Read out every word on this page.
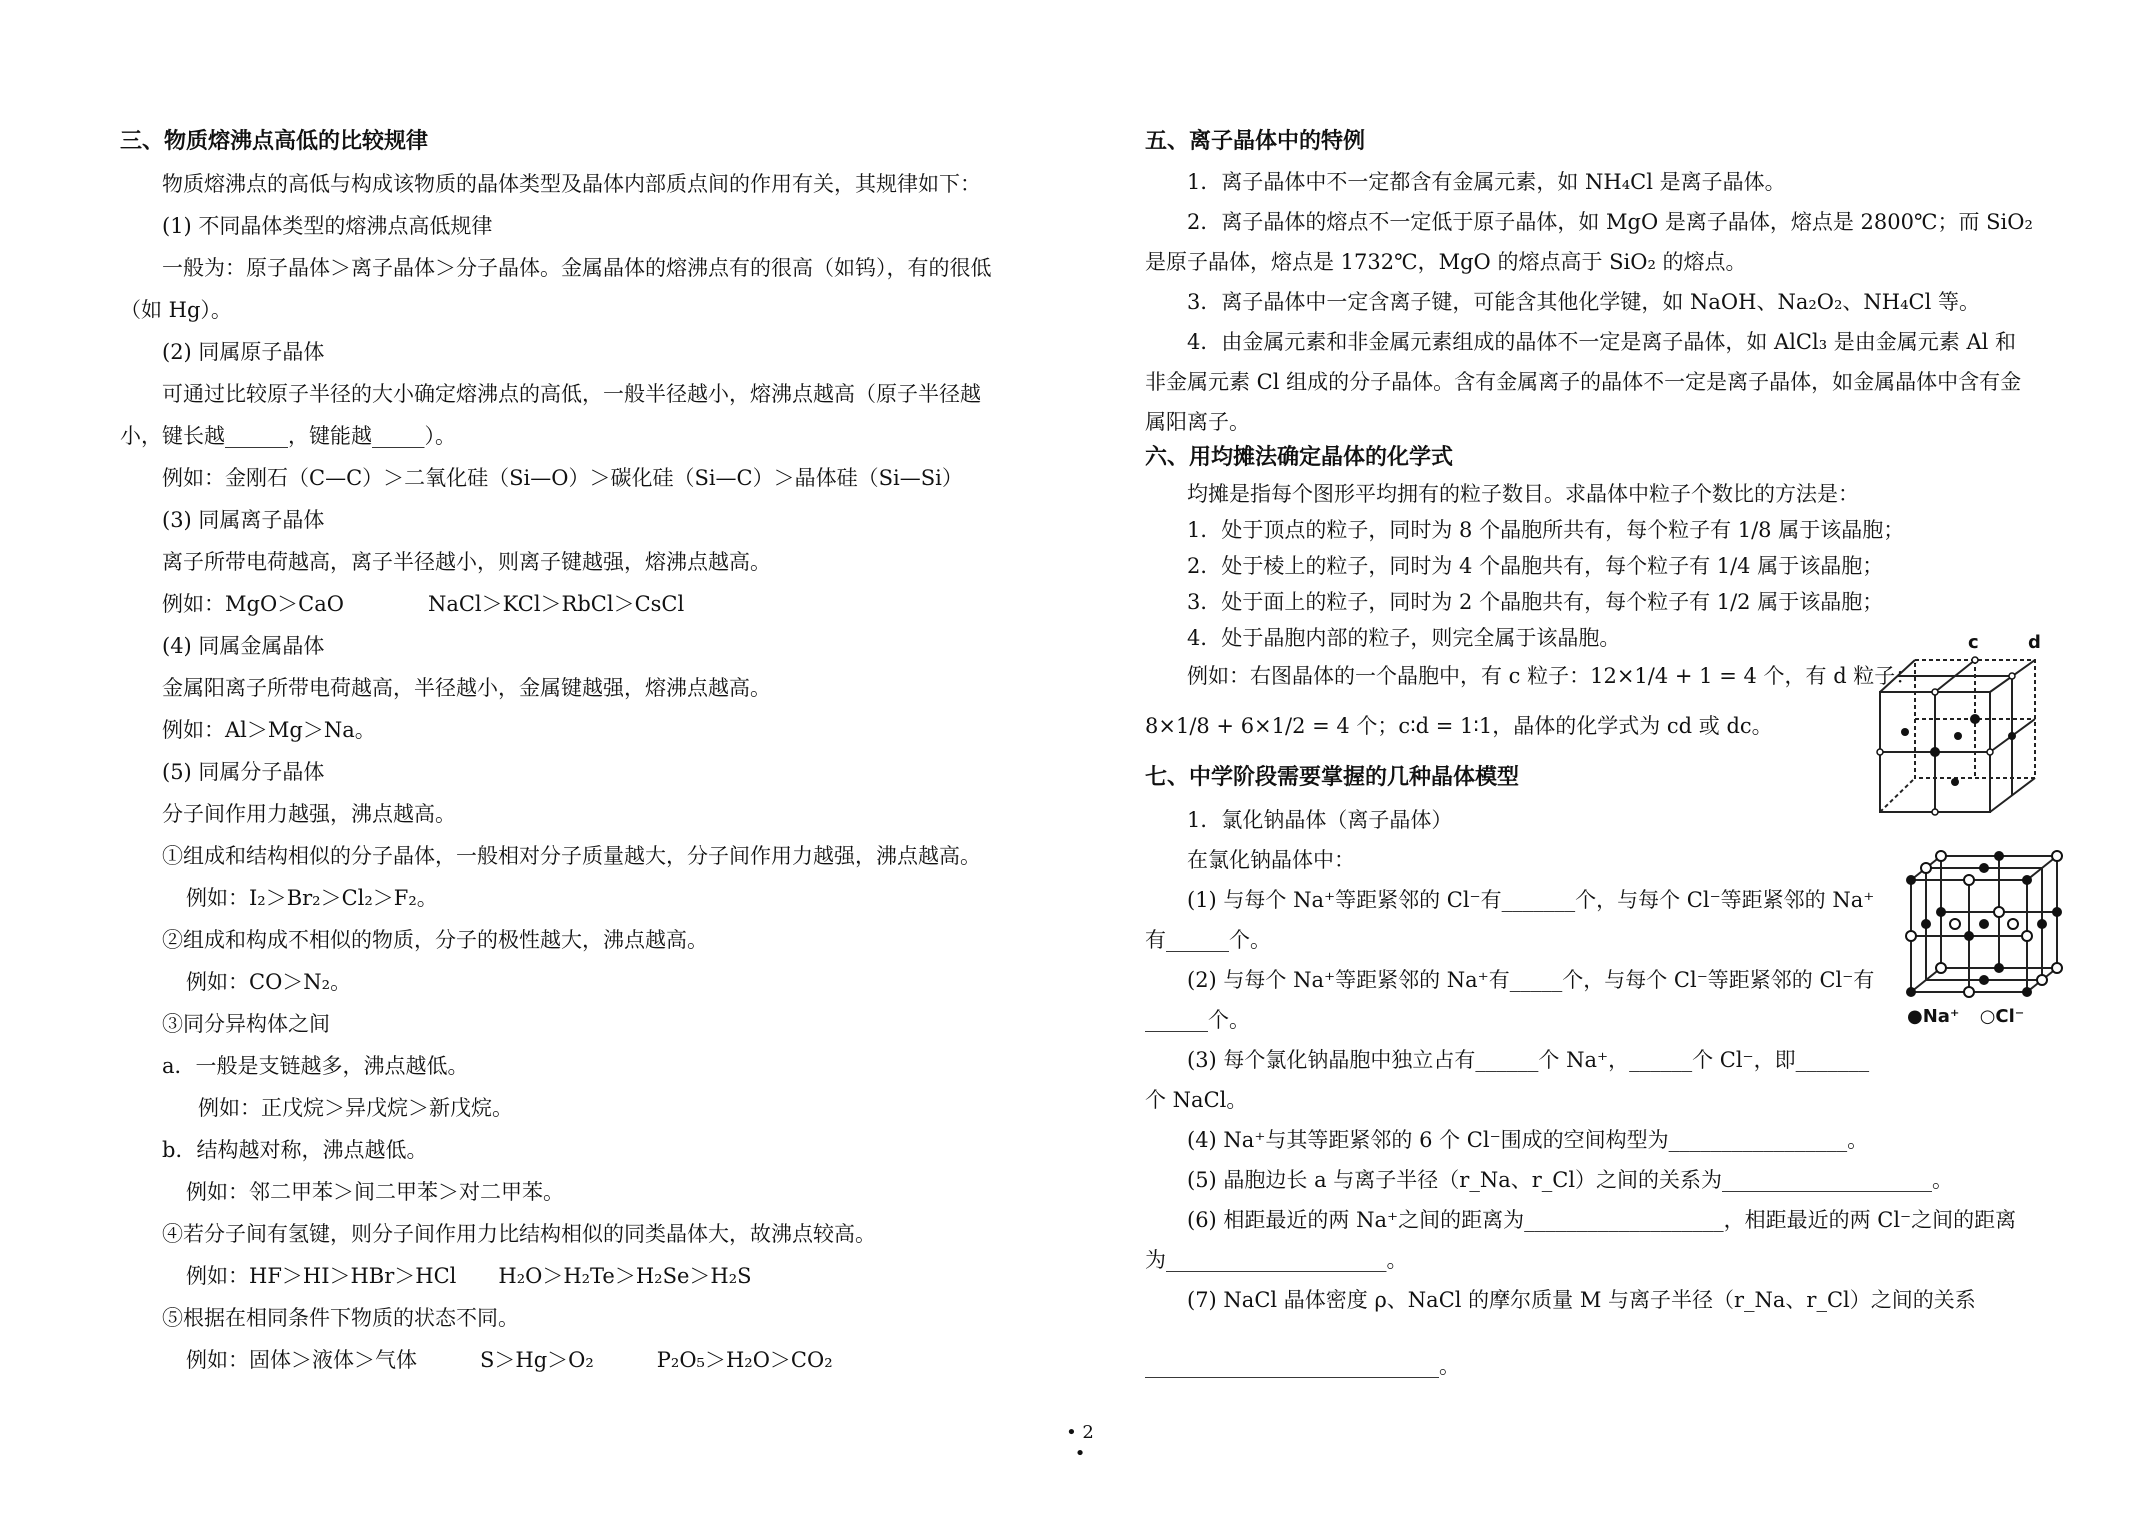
三、物质熔沸点高低的比较规律
物质熔沸点的高低与构成该物质的晶体类型及晶体内部质点间的作用有关，其规律如下：
(1) 不同晶体类型的熔沸点高低规律
一般为：原子晶体＞离子晶体＞分子晶体。金属晶体的熔沸点有的很高（如钨），有的很低
（如 Hg）。
(2) 同属原子晶体
可通过比较原子半径的大小确定熔沸点的高低，一般半径越小，熔沸点越高（原子半径越
小，键长越______，键能越_____）。
例如：金刚石（C—C）＞二氧化硅（Si—O）＞碳化硅（Si—C）＞晶体硅（Si—Si）
(3) 同属离子晶体
离子所带电荷越高，离子半径越小，则离子键越强，熔沸点越高。
例如：MgO＞CaO　　　　NaCl＞KCl＞RbCl＞CsCl
(4) 同属金属晶体
金属阳离子所带电荷越高，半径越小，金属键越强，熔沸点越高。
例如：Al＞Mg＞Na。
(5) 同属分子晶体
分子间作用力越强，沸点越高。
①组成和结构相似的分子晶体，一般相对分子质量越大，分子间作用力越强，沸点越高。
例如：I₂＞Br₂＞Cl₂＞F₂。
②组成和构成不相似的物质，分子的极性越大，沸点越高。
例如：CO＞N₂。
③同分异构体之间
a．一般是支链越多，沸点越低。
例如：正戊烷＞异戊烷＞新戊烷。
b．结构越对称，沸点越低。
例如：邻二甲苯＞间二甲苯＞对二甲苯。
④若分子间有氢键，则分子间作用力比结构相似的同类晶体大，故沸点较高。
例如：HF＞HI＞HBr＞HCl　　H₂O＞H₂Te＞H₂Se＞H₂S
⑤根据在相同条件下物质的状态不同。
例如：固体＞液体＞气体　　　S＞Hg＞O₂　　　P₂O₅＞H₂O＞CO₂
五、离子晶体中的特例
1．离子晶体中不一定都含有金属元素，如 NH₄Cl 是离子晶体。
2．离子晶体的熔点不一定低于原子晶体，如 MgO 是离子晶体，熔点是 2800℃；而 SiO₂
是原子晶体，熔点是 1732℃，MgO 的熔点高于 SiO₂ 的熔点。
3．离子晶体中一定含离子键，可能含其他化学键，如 NaOH、Na₂O₂、NH₄Cl 等。
4．由金属元素和非金属元素组成的晶体不一定是离子晶体，如 AlCl₃ 是由金属元素 Al 和
非金属元素 Cl 组成的分子晶体。含有金属离子的晶体不一定是离子晶体，如金属晶体中含有金
属阳离子。
六、用均摊法确定晶体的化学式
均摊是指每个图形平均拥有的粒子数目。求晶体中粒子个数比的方法是：
1．处于顶点的粒子，同时为 8 个晶胞所共有，每个粒子有 1/8 属于该晶胞；
2．处于棱上的粒子，同时为 4 个晶胞共有，每个粒子有 1/4 属于该晶胞；
3．处于面上的粒子，同时为 2 个晶胞共有，每个粒子有 1/2 属于该晶胞；
4．处于晶胞内部的粒子，则完全属于该晶胞。
例如：右图晶体的一个晶胞中，有 c 粒子：12×1/4 + 1 = 4 个，有 d 粒子：
8×1/8 + 6×1/2 = 4 个；c∶d = 1∶1，晶体的化学式为 cd 或 dc。
七、中学阶段需要掌握的几种晶体模型
1．氯化钠晶体（离子晶体）
在氯化钠晶体中：
(1) 与每个 Na⁺等距紧邻的 Cl⁻有_______个，与每个 Cl⁻等距紧邻的 Na⁺
有______个。
(2) 与每个 Na⁺等距紧邻的 Na⁺有_____个，与每个 Cl⁻等距紧邻的 Cl⁻有
______个。
(3) 每个氯化钠晶胞中独立占有______个 Na⁺，______个 Cl⁻，即_______
个 NaCl。
(4) Na⁺与其等距紧邻的 6 个 Cl⁻围成的空间构型为_________________。
(5) 晶胞边长 a 与离子半径（r_Na、r_Cl）之间的关系为____________________。
(6) 相距最近的两 Na⁺之间的距离为___________________，相距最近的两 Cl⁻之间的距离
为_____________________。
(7) NaCl 晶体密度 ρ、NaCl 的摩尔质量 M 与离子半径（r_Na、r_Cl）之间的关系
____________________________。
c	d
●Na⁺ ○Cl⁻
• 2 •
